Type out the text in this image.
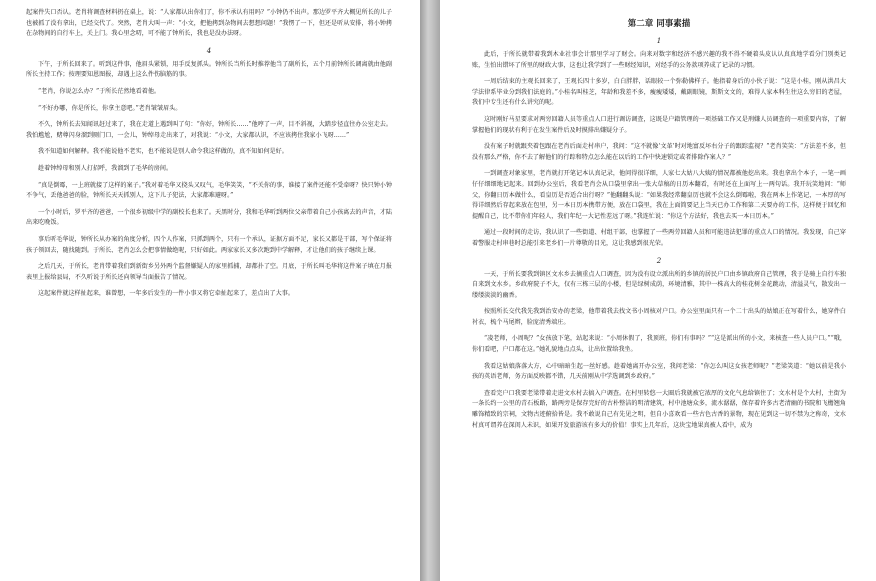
起案件失口否认。老肖将调查材料扔在桌上，说：“人家都认出你们了，你不承认有用吗？”小钟仍不出声。那边罗平齐大概见所长的儿子也被抓了没有拿出，已经交代了。突然，老肖大叫一声：“小文，把他拷到杂物间去想想问题！”我愣了一下，但还是听从安排，将小钟拷在杂物间的自行车上，关上门。我心里念叨，可不能了钟所长，我也是没办法呀。

4

下午，于所长回来了。听到这件事，他眉头紧锁，用手反复抓头。钟所长当所长时推荐他当了副所长，五个月前钟所长调离就由他副所长主持工作；按理要知恩图报，却遇上这么件伤脑筋的事。

“老肖，你说怎么办？”于所长茫然地看着他。

“不好办哪，你是所长，你拿主意吧。”老肖皱皱眉头。

不久，钟所长去知闻讯赶过来了，我在走道上遇到叫了句：“你好，钟所长……”他哼了一声，目不斜视，大踏步径直往办公室走去。我怕尴尬，赌尊闪身溜到厕门口，一会儿，钟绰母走出来了，对我说：“小文，大家都认识，不应该拷住我家小飞呀……”

我不知道如何解释。我不能说他不老实，也不能说是别人命令我这样做的，真不知如何是好。

趁着钟绰母和别人打招呼，我溜到了毛华的房间。

“真是倒霉，一上班就接了这样的案子。”我对着毛华又挠头又叹气，毛华笑笑，“不关你的事，谁接了案件还能不受牵呀？快只钟小钟不争气，丢他爸爸的脸，钟所长天天抓别人，这下儿子犯法，大家都难避呀。”

一个小时后，罗平齐的爸爸，一个很乡初级中学的副校长也来了。天黑时分，我和毛华听到两位父亲带着自己小孩离去的声音，才陆出来吃晚饭。

事后听毛华说，钟所长从办案的角度分析，四个人作案，只抓到两个，只有一个承认，证据方面不足，家长又都是干部，写个保证将孩子领回去，随找随到。于所长、老肖怎么会把事情做绝呢，只好如此。两家家长又多次跑到中学解释，才让他们的孩子继续上课。

之后几天，于所长，老肖带着我们到新街乡另外两个监督嫌疑人的家里抓捕，却都扑了空。月底，于所长叫毛华将这件案子填在月报表里上报给县局，不久听说于所长还向领导当面报告了情况。

这起案件就这样扯起来，谁曾想，一年多后发生的一件小事又将它牵扯起来了，差点出了大事。

第二章 同事素描
1

此后，于所长就带着我到木业社事会计那里学习了财会。向来对数字和经济不感兴趣的我不得不硬着头皮认认真真地学看分门别类记账，生怕出错坏了所里的财政大事，这也让我学到了一些财经知识，对经手的公务款项养成了记录的习惯。

一周后结束的主观长回来了，王观长四十多岁，白白胖胖，话眼较一个弥勒佛样子。他指着身后的小伙子说：“这是小桂，刚从洪昌大学法律系毕业分到我们法庭的。”小桂名叫桂芝，年龄和我差不多，瘦瘦矮矮，戴副眼镜，斯斯文文的，难得人家本科生往这么穷旧的老屋，我们中专生还有什么讲究的呢。

这时刚好马星要求对两穷回籍人员等重点人口进行调访调查，这既是户籍管理的一项基础工作又是刑嫌人员调查的一项重要内容，了解掌握他们的现状有利于在发生案件后及时摸排出嫌疑分子。

没有案子时就跟夹着包跟在老肖后面走村串户，我问：“这不就像‘文革’时对地富反坏右分子的跟踪监视？”老肖笑笑：“方法差不多，但没有那么严格，你不去了解他们的行踪和特点怎么能在以后的工作中快速锁定或者排除作案人？”

一到调查对象家里，老肖就打开笔记本认真记录，他问得很详细，人家七大姑八大姨的情况都被他挖出来。我也拿出个本子，一笔一画仔仔细细地记起来。回到办公室后，我看老肖会从口袋里拿出一张大草稿的日历本翻看，有时还在上面写上一两句话。我开玩笑地问：“师父，你翻日历本做什么，看皇历是否适合出行呀？”他翻翻头说：“如果我经常翻皇历也就不会这么倒霉啦，我在两本上作笔记，一本厚的写得详细然后存起来放在包里，另一本日历本携带方便，放在口袋里，我在上面简要记上当天已办工作和第二天要办的工作，这样便于回忆和提醒自己，比不带你们年轻人，我们年纪一大记性差远了呀。”我连忙说：“你这个方法好，我也去买一本日历本。”

通过一段时间的走访，我认识了一些街道、村组干部，也掌握了一些两劳回籍人员和可能违法犯罪的重点人口的情况。我发现，自己穿着警服走村串巷时总能引来老乡们一片尊敬的目光，这让我感到很光荣。

2

一天，于所长要我到镇区文水乡去摘重点人口调查，因为没有设立派出所的乡镇的居民户口由乡镇政府自己管理，我于是骑上自行车独自来到文水乡。乡政府院子不大，仅有三栋三层的小楼，但是绿树成荫，环境清雅，其中一株高大的桂花树金花跳动，清溢灵气，散发出一缕缕淡淡的幽香。

按照所长交代我先我到治安办的老梁，他带着我去找文书小周核对户口。办公室里面只有一个二十出头的姑娘正在写着什么，她穿件白衬衣，梳个马尾辫，脸庞清秀端庄。

“凌老师，小周呢？”女孩放下笔，站起来说：“小周休假了，我顶班，你们有事吗？”“这是派出所的小文，来核查一些人员户口。”“哦，你们看吧，户口都在这。”她礼貌地点点头，让出位置给我坐。

我看这姑娘落落大方，心中暗暗生起一丝好感。趁着她离开办公室，我问老梁：“你怎么叫这女孩老师呢？”老梁笑道：“她以前是我小孩的英语老师，务方面反映都不错，几天前刚从中学选调到乡政府。”

查看完户口我要老梁带着走进文水村去搞入户调查。在村里转悠一大圈后我就被它浓厚的文化气息给镇住了；文水村是个大村，主街为一条长约一公里的青石板路，路两旁是保存完好的古朴整洁的明清建筑，村中池塘众多，流水潺潺，保存着许多古老清幽的书院和飞檐翘角雕饰精致的宗祠，文物古迹俯拾皆是。我不敢说自己有先见之明，但自小喜欢看一些古色古香的景物，现在见到这一切不禁为之称奇，文水村真可谓养在深闺人未识，如果开发旅游该有多大的价值！事实上几年后，这块宝地果真被人看中，成为
